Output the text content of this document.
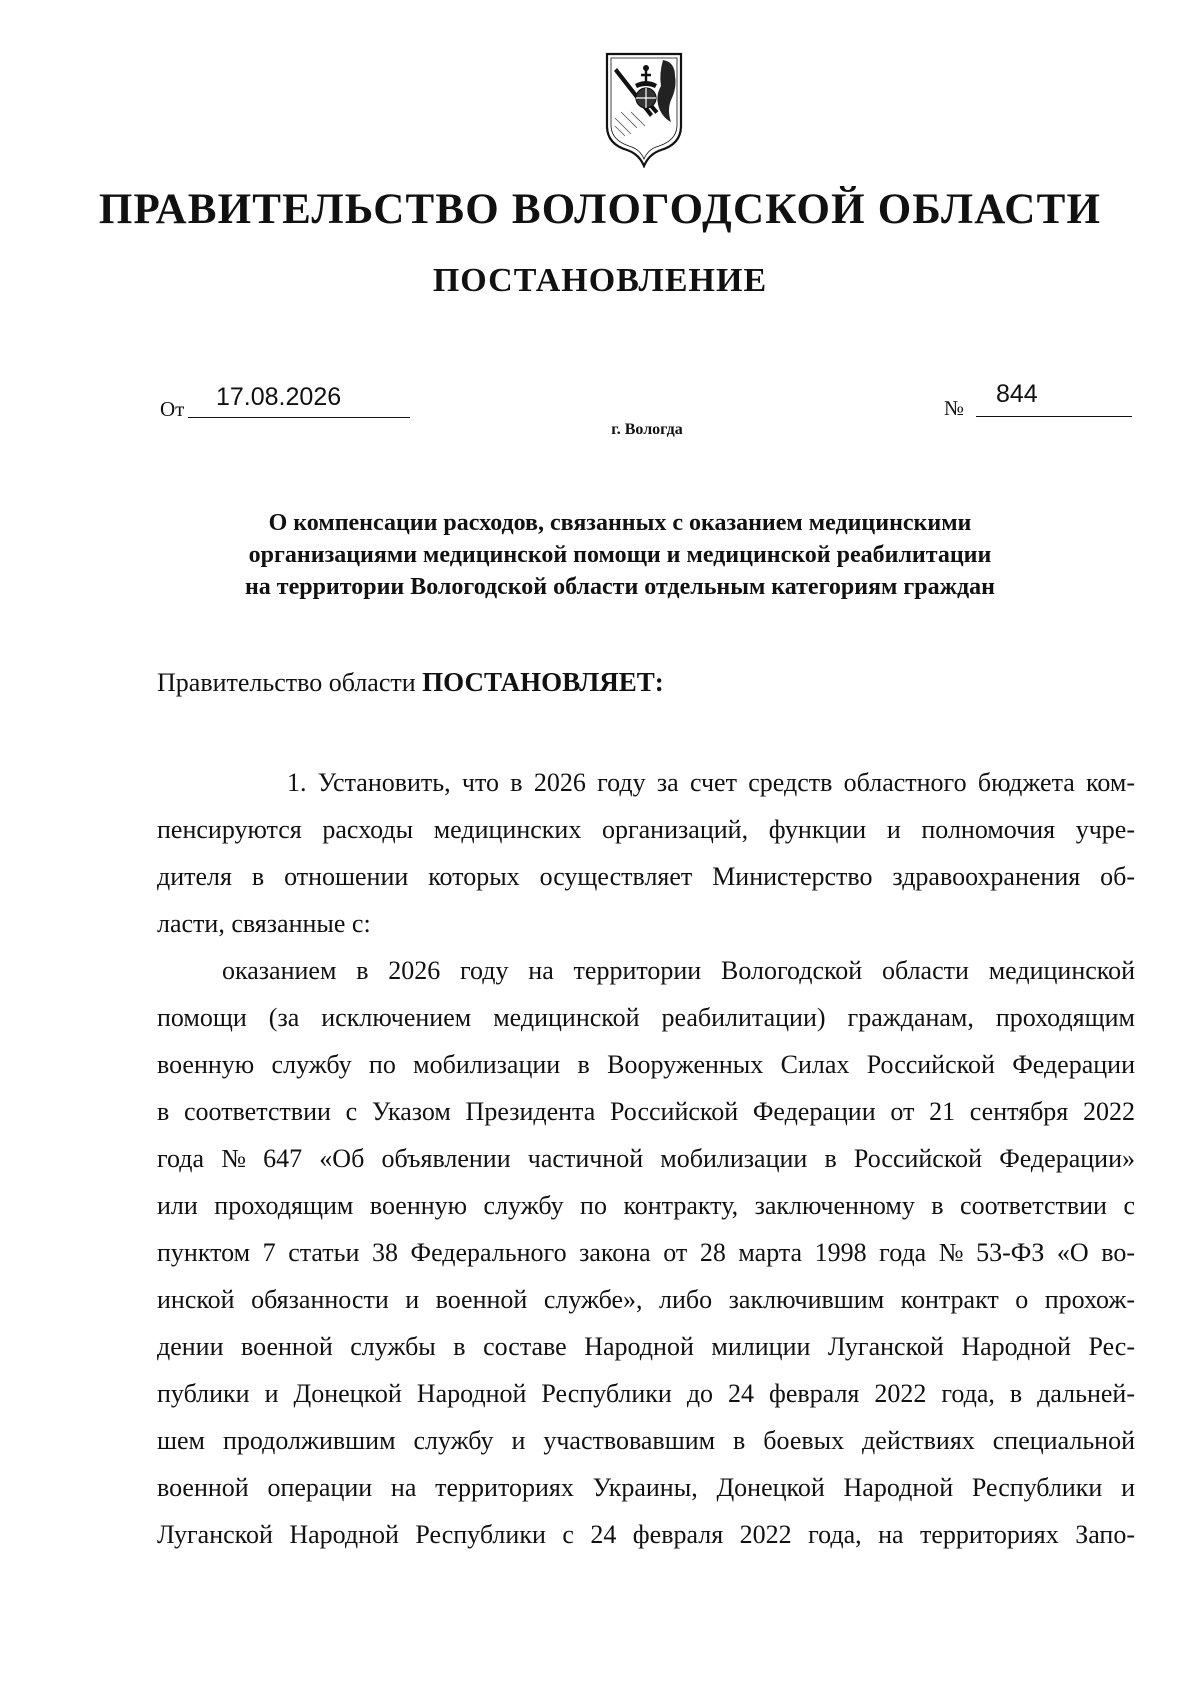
ПРАВИТЕЛЬСТВО ВОЛОГОДСКОЙ ОБЛАСТИ
ПОСТАНОВЛЕНИЕ
От 17.08.2026	№ 844
г. Вологда
О компенсации расходов, связанных с оказанием медицинскими
организациями медицинской помощи и медицинской реабилитации
на территории Вологодской области отдельным категориям граждан
Правительство области ПОСТАНОВЛЯЕТ:

1. Установить, что в 2026 году за счет средств областного бюджета ком-

пенсируются расходы медицинских организаций, функции и полномочия учре-
дителя в отношении которых осуществляет Министерство здравоохранения об-
ласти, связанные с:
оказанием в 2026 году на территории Вологодской области медицинской
помощи (за исключением медицинской реабилитации) гражданам, проходящим
военную службу по мобилизации в Вооруженных Силах Российской Федерации
в соответствии с Указом Президента Российской Федерации от 21 сентября 2022
года № 647 «Об объявлении частичной мобилизации в Российской Федерации»
или проходящим военную службу по контракту, заключенному в соответствии с
пунктом 7 статьи 38 Федерального закона от 28 марта 1998 года № 53-ФЗ «О во-
инской обязанности и военной службе», либо заключившим контракт о прохож-
дении военной службы в составе Народной милиции Луганской Народной Рес-
публики и Донецкой Народной Республики до 24 февраля 2022 года, в дальней-
шем продолжившим службу и участвовавшим в боевых действиях специальной
военной операции на территориях Украины, Донецкой Народной Республики и
Луганской Народной Республики с 24 февраля 2022 года, на территориях Запо-
